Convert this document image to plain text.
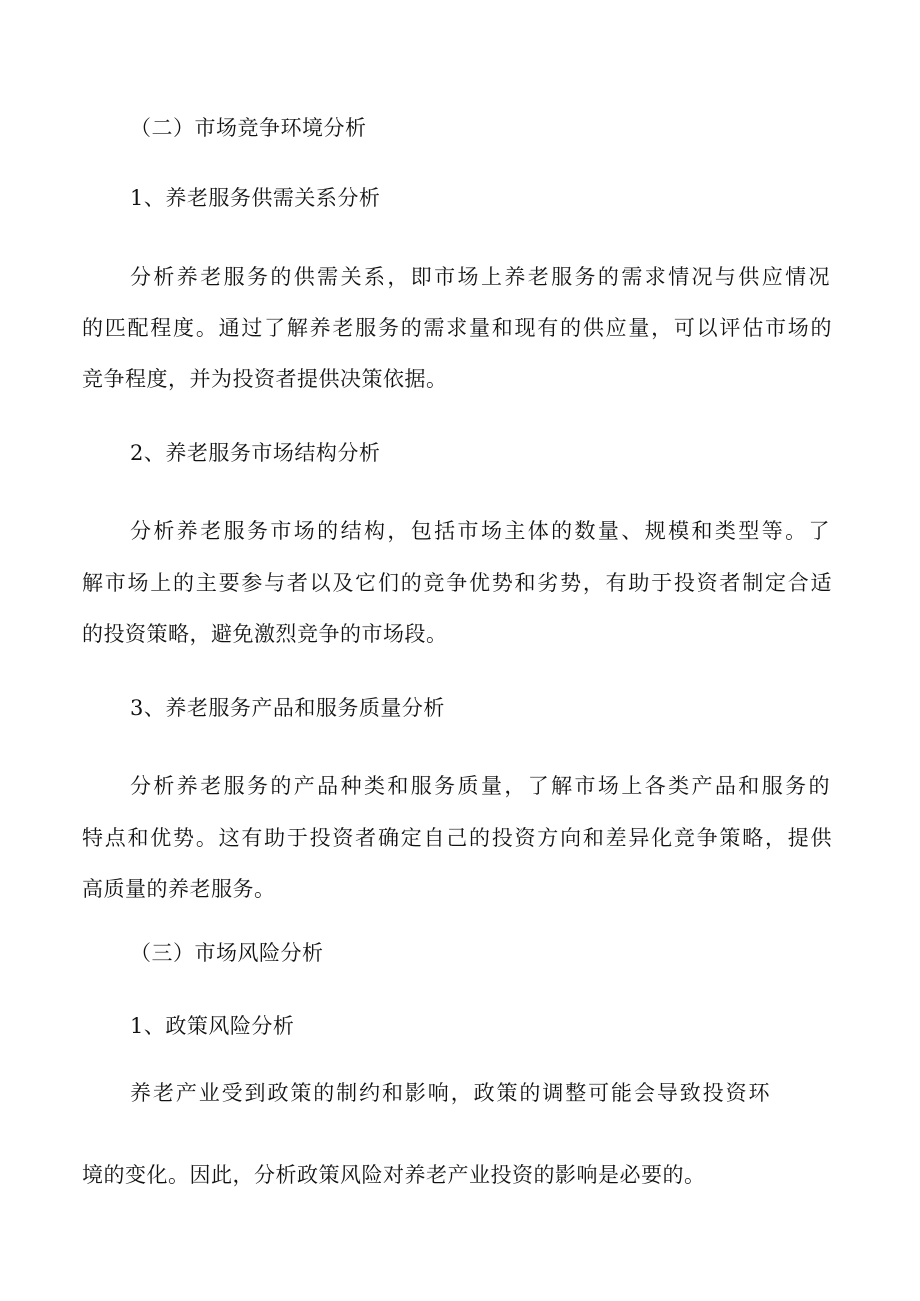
（二）市场竞争环境分析
1、养老服务供需关系分析
分析养老服务的供需关系，即市场上养老服务的需求情况与供应情况
的匹配程度。通过了解养老服务的需求量和现有的供应量，可以评估市场的
竞争程度，并为投资者提供决策依据。
2、养老服务市场结构分析
分析养老服务市场的结构，包括市场主体的数量、规模和类型等。了
解市场上的主要参与者以及它们的竞争优势和劣势，有助于投资者制定合适
的投资策略，避免激烈竞争的市场段。
3、养老服务产品和服务质量分析
分析养老服务的产品种类和服务质量，了解市场上各类产品和服务的
特点和优势。这有助于投资者确定自己的投资方向和差异化竞争策略，提供
高质量的养老服务。
（三）市场风险分析
1、政策风险分析
养老产业受到政策的制约和影响，政策的调整可能会导致投资环
境的变化。因此，分析政策风险对养老产业投资的影响是必要的。
